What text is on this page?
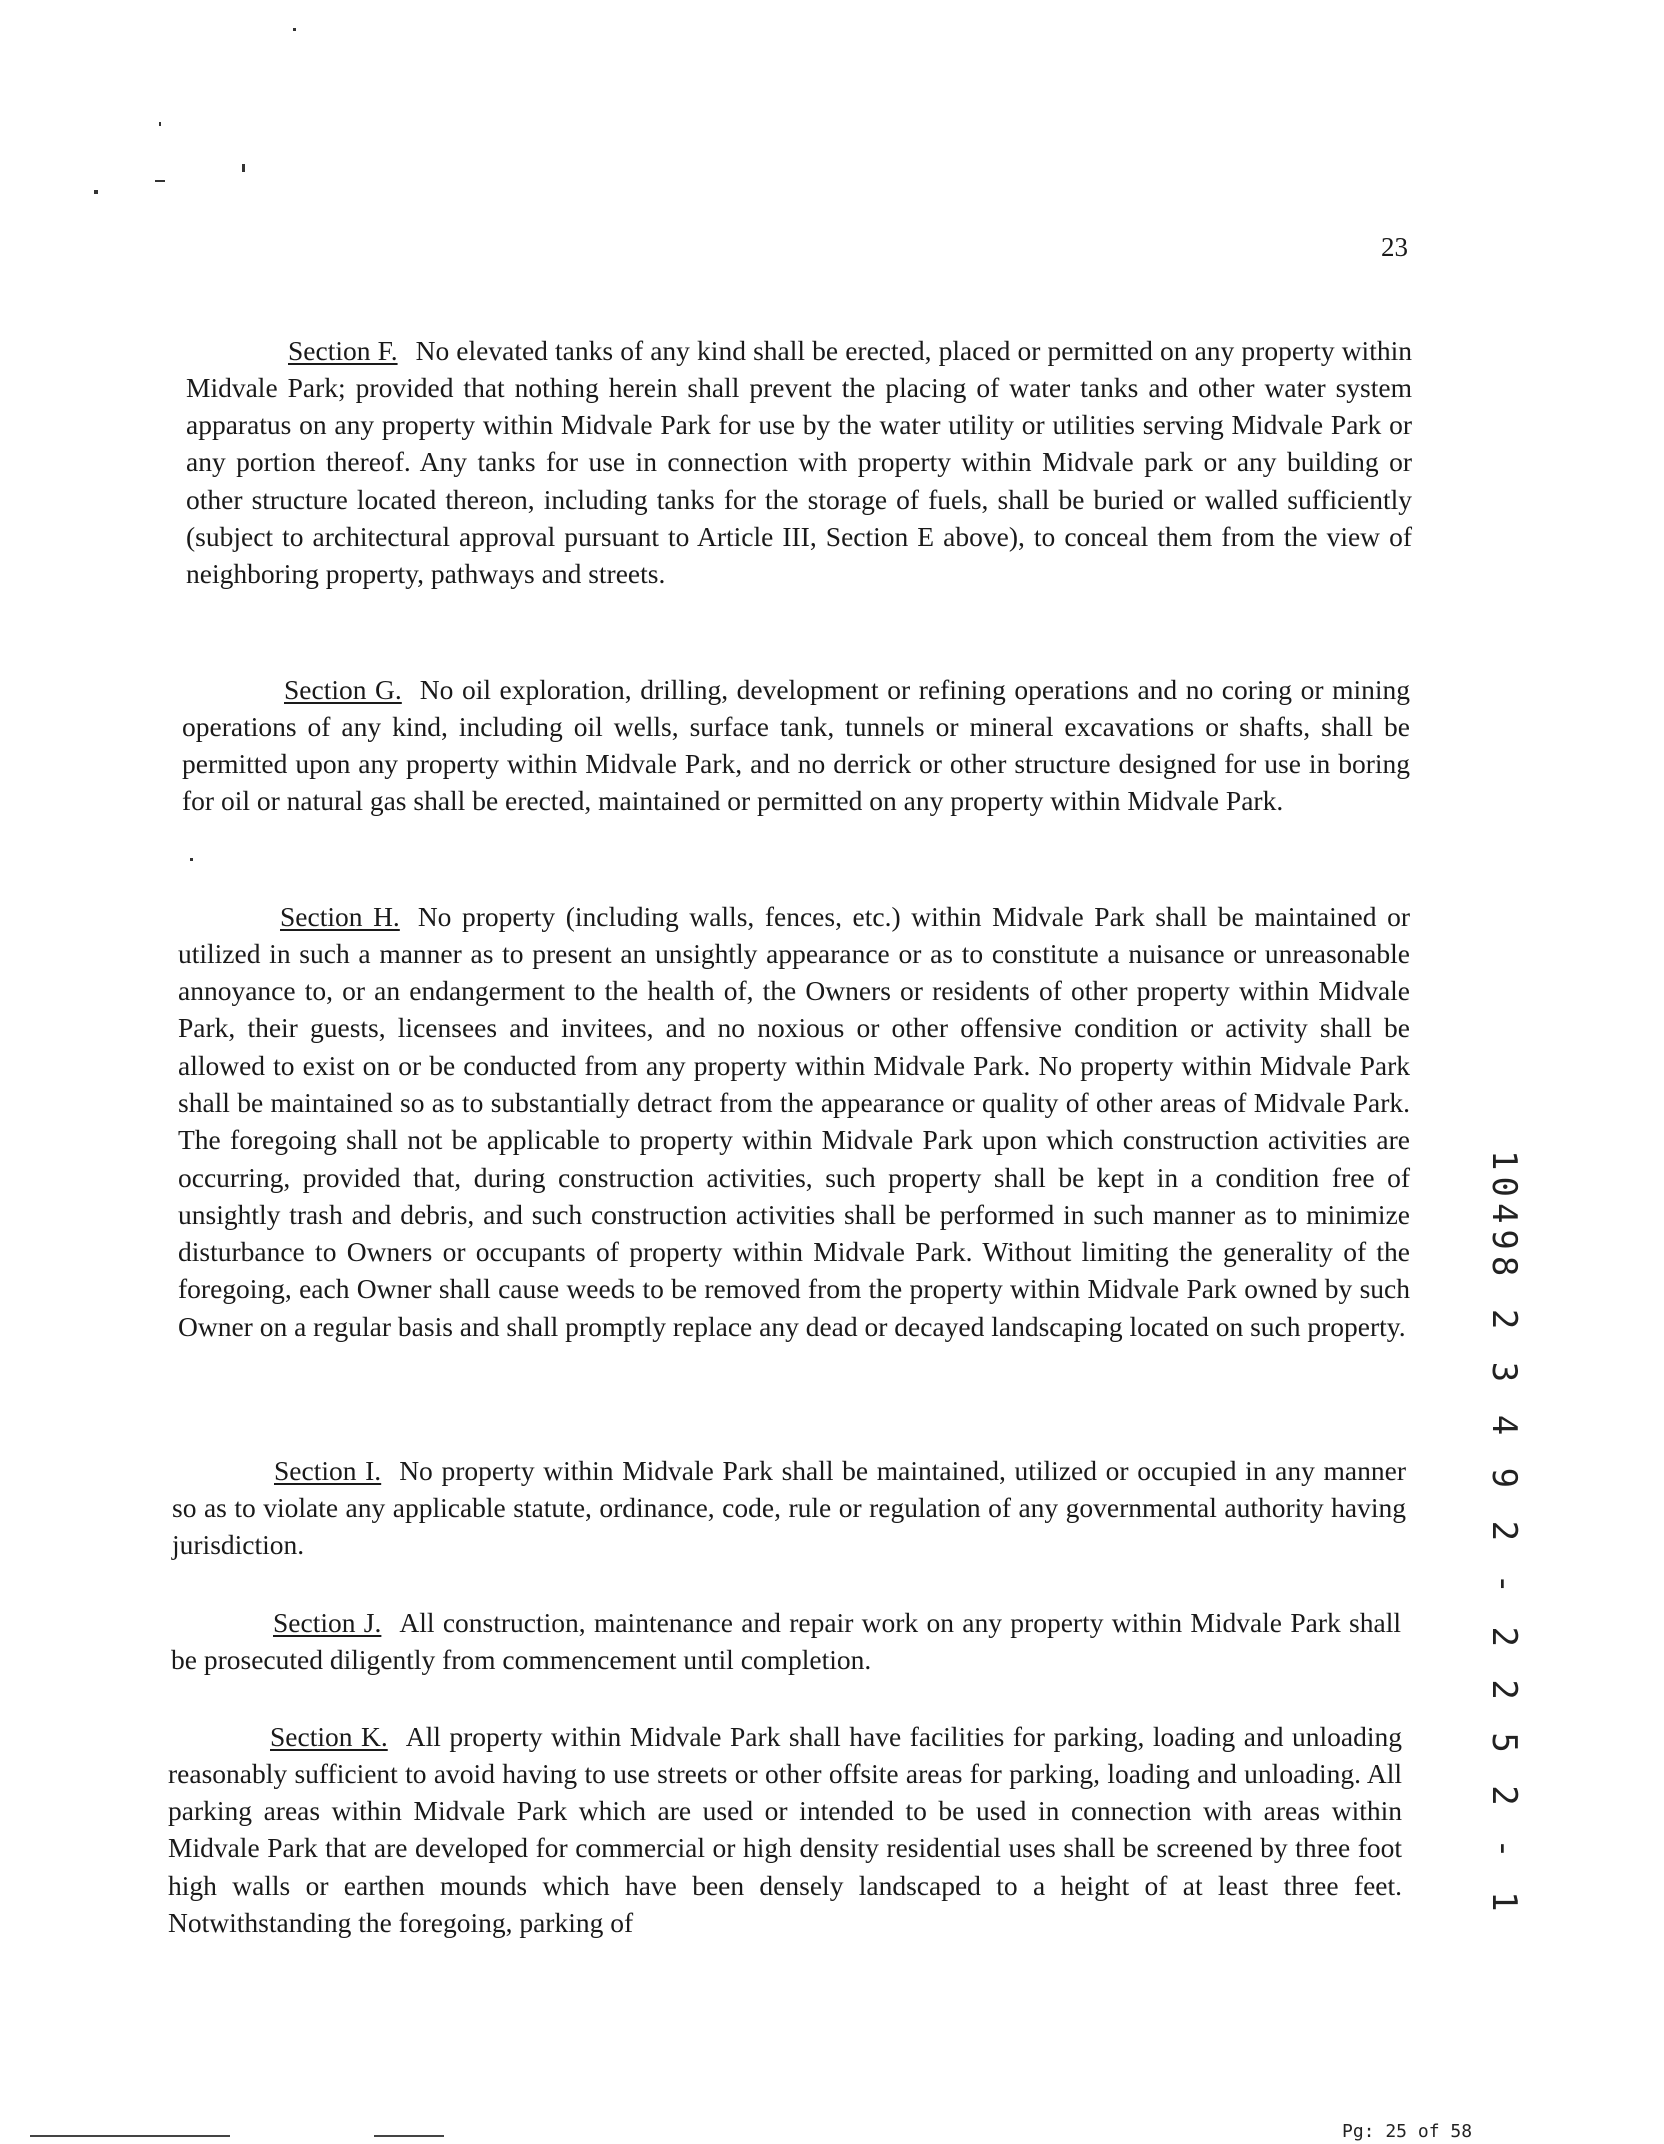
23

Section F. No elevated tanks of any kind shall be erected, placed or permitted on any property within Midvale Park; provided that nothing herein shall prevent the placing of water tanks and other water system apparatus on any property within Midvale Park for use by the water utility or utilities serving Midvale Park or any portion thereof. Any tanks for use in connection with property within Midvale park or any building or other structure located thereon, including tanks for the storage of fuels, shall be buried or walled sufficiently (subject to architectural approval pursuant to Article III, Section E above), to conceal them from the view of neighboring property, pathways and streets.

Section G. No oil exploration, drilling, development or refining operations and no coring or mining operations of any kind, including oil wells, surface tank, tunnels or mineral excavations or shafts, shall be permitted upon any property within Midvale Park, and no derrick or other structure designed for use in boring for oil or natural gas shall be erected, maintained or permitted on any property within Midvale Park.

Section H. No property (including walls, fences, etc.) within Midvale Park shall be maintained or utilized in such a manner as to present an unsightly appearance or as to constitute a nuisance or unreasonable annoyance to, or an endangerment to the health of, the Owners or residents of other property within Midvale Park, their guests, licensees and invitees, and no noxious or other offensive condition or activity shall be allowed to exist on or be conducted from any property within Midvale Park. No property within Midvale Park shall be maintained so as to substantially detract from the appearance or quality of other areas of Midvale Park. The foregoing shall not be applicable to property within Midvale Park upon which construction activities are occurring, provided that, during construction activities, such property shall be kept in a condition free of unsightly trash and debris, and such construction activities shall be performed in such manner as to minimize disturbance to Owners or occupants of property within Midvale Park. Without limiting the generality of the foregoing, each Owner shall cause weeds to be removed from the property within Midvale Park owned by such Owner on a regular basis and shall promptly replace any dead or decayed landscaping located on such property.

Section I. No property within Midvale Park shall be maintained, utilized or occupied in any manner so as to violate any applicable statute, ordinance, code, rule or regulation of any governmental authority having jurisdiction.

Section J. All construction, maintenance and repair work on any property within Midvale Park shall be prosecuted diligently from commencement until completion.

Section K. All property within Midvale Park shall have facilities for parking, loading and unloading reasonably sufficient to avoid having to use streets or other offsite areas for parking, loading and unloading. All parking areas within Midvale Park which are used or intended to be used in connection with areas within Midvale Park that are developed for commercial or high density residential uses shall be screened by three foot high walls or earthen mounds which have been densely landscaped to a height of at least three feet. Notwithstanding the foregoing, parking of

10498 2 3 4 9 2 - 2 2 5 2 - 1
Pg: 25 of 58
